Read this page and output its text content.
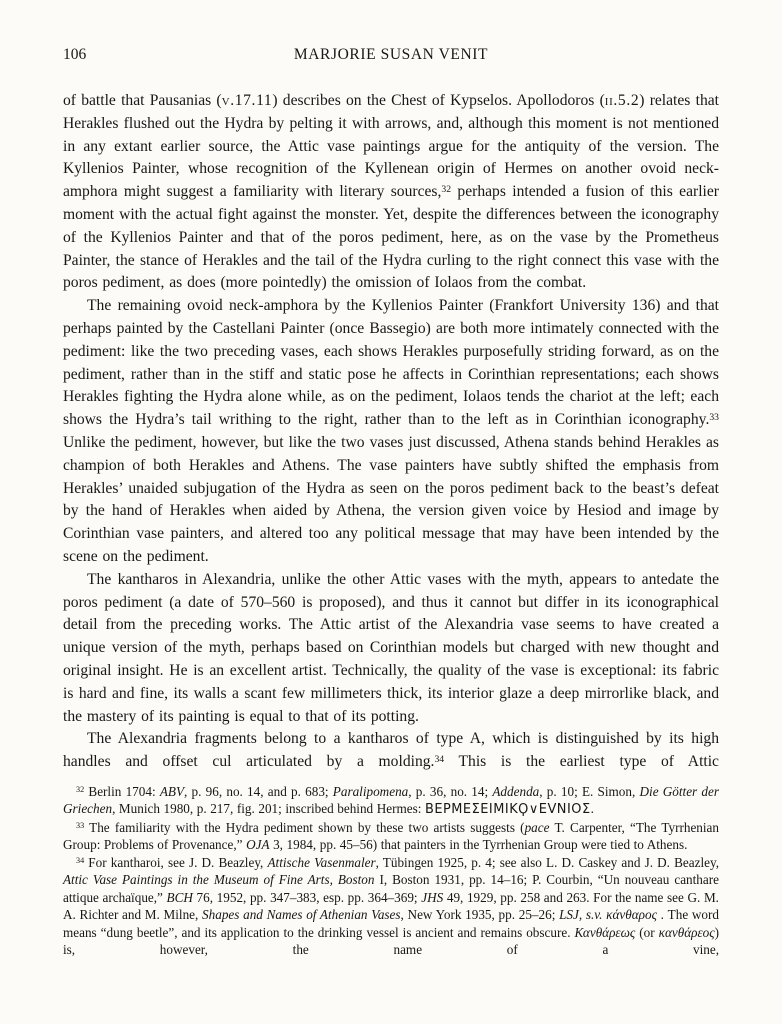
106	MARJORIE SUSAN VENIT

of battle that Pausanias (v.17.11) describes on the Chest of Kypselos. Apollodoros (ii.5.2) relates that Herakles flushed out the Hydra by pelting it with arrows, and, although this moment is not mentioned in any extant earlier source, the Attic vase paintings argue for the antiquity of the version. The Kyllenios Painter, whose recognition of the Kyllenean origin of Hermes on another ovoid neck-amphora might suggest a familiarity with literary sources,$^{32}$ perhaps intended a fusion of this earlier moment with the actual fight against the monster. Yet, despite the differences between the iconography of the Kyllenios Painter and that of the poros pediment, here, as on the vase by the Prometheus Painter, the stance of Herakles and the tail of the Hydra curling to the right connect this vase with the poros pediment, as does (more pointedly) the omission of Iolaos from the combat.

The remaining ovoid neck-amphora by the Kyllenios Painter (Frankfort University 136) and that perhaps painted by the Castellani Painter (once Bassegio) are both more intimately connected with the pediment: like the two preceding vases, each shows Herakles purposefully striding forward, as on the pediment, rather than in the stiff and static pose he affects in Corinthian representations; each shows Herakles fighting the Hydra alone while, as on the pediment, Iolaos tends the chariot at the left; each shows the Hydra’s tail writhing to the right, rather than to the left as in Corinthian iconography.$^{33}$ Unlike the pediment, however, but like the two vases just discussed, Athena stands behind Herakles as champion of both Herakles and Athens. The vase painters have subtly shifted the emphasis from Herakles’ unaided subjugation of the Hydra as seen on the poros pediment back to the beast’s defeat by the hand of Herakles when aided by Athena, the version given voice by Hesiod and image by Corinthian vase painters, and altered too any political message that may have been intended by the scene on the pediment.

The kantharos in Alexandria, unlike the other Attic vases with the myth, appears to antedate the poros pediment (a date of 570–560 is proposed), and thus it cannot but differ in its iconographical detail from the preceding works. The Attic artist of the Alexandria vase seems to have created a unique version of the myth, perhaps based on Corinthian models but charged with new thought and original insight. He is an excellent artist. Technically, the quality of the vase is exceptional: its fabric is hard and fine, its walls a scant few millimeters thick, its interior glaze a deep mirrorlike black, and the mastery of its painting is equal to that of its potting.

The Alexandria fragments belong to a kantharos of type A, which is distinguished by its high handles and offset cul articulated by a molding.$^{34}$ This is the earliest type of Attic

$^{32}$ Berlin 1704: ABV, p. 96, no. 14, and p. 683; Paralipomena, p. 36, no. 14; Addenda, p. 10; E. Simon, Die Götter der Griechen, Munich 1980, p. 217, fig. 201; inscribed behind Hermes: BEPMEΣEIMIKϘ∨EVNIOΣ.

$^{33}$ The familiarity with the Hydra pediment shown by these two artists suggests (pace T. Carpenter, “The Tyrrhenian Group: Problems of Provenance,” OJA 3, 1984, pp. 45–56) that painters in the Tyrrhenian Group were tied to Athens.

$^{34}$ For kantharoi, see J. D. Beazley, Attische Vasenmaler, Tübingen 1925, p. 4; see also L. D. Caskey and J. D. Beazley, Attic Vase Paintings in the Museum of Fine Arts, Boston I, Boston 1931, pp. 14–16; P. Courbin, “Un nouveau canthare attique archaïque,” BCH 76, 1952, pp. 347–383, esp. pp. 364–369; JHS 49, 1929, pp. 258 and 263. For the name see G. M. A. Richter and M. Milne, Shapes and Names of Athenian Vases, New York 1935, pp. 25–26; LSJ, s.v. κάνθαρος . The word means “dung beetle”, and its application to the drinking vessel is ancient and remains obscure. Κανθάρεως (or κανθάρεος) is, however, the name of a vine,
